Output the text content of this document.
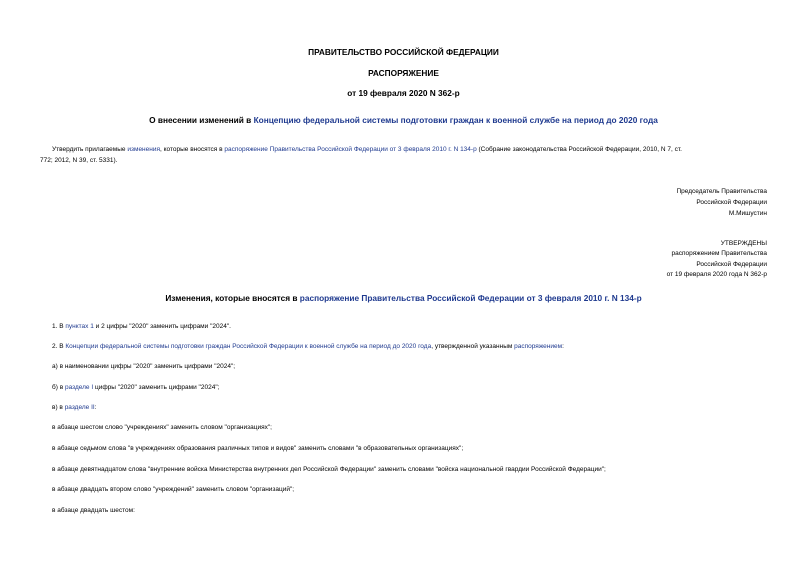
ПРАВИТЕЛЬСТВО РОССИЙСКОЙ ФЕДЕРАЦИИ
РАСПОРЯЖЕНИЕ
от 19 февраля 2020 N 362-р
О внесении изменений в Концепцию федеральной системы подготовки граждан к военной службе на период до 2020 года
Утвердить прилагаемые изменения, которые вносятся в распоряжение Правительства Российской Федерации от 3 февраля 2010 г. N 134-р (Собрание законодательства Российской Федерации, 2010, N 7, ст.
772; 2012, N 39, ст. 5331).
Председатель Правительства
Российской Федерации
М.Мишустин
УТВЕРЖДЕНЫ
распоряжением Правительства
Российской Федерации
от 19 февраля 2020 года N 362-р
Изменения, которые вносятся в распоряжение Правительства Российской Федерации от 3 февраля 2010 г. N 134-р
1. В пунктах 1 и 2 цифры "2020" заменить цифрами "2024".
2. В Концепции федеральной системы подготовки граждан Российской Федерации к военной службе на период до 2020 года, утвержденной указанным распоряжением:
а) в наименовании цифры "2020" заменить цифрами "2024";
б) в разделе I цифры "2020" заменить цифрами "2024";
в) в разделе II:
в абзаце шестом слово "учреждениях" заменить словом "организациях";
в абзаце седьмом слова "в учреждениях образования различных типов и видов" заменить словами "в образовательных организациях";
в абзаце девятнадцатом слова "внутренние войска Министерства внутренних дел Российской Федерации" заменить словами "войска национальной гвардии Российской Федерации";
в абзаце двадцать втором слово "учреждений" заменить словом "организаций";
в абзаце двадцать шестом:
